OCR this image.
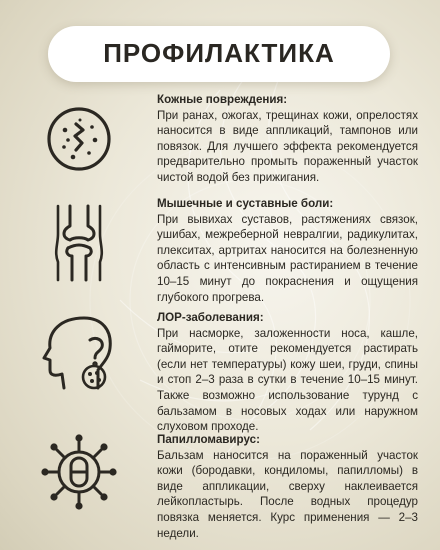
ПРОФИЛАКТИКА
Кожные повреждения:
При ранах, ожогах, трещинах кожи, опрелостях наносится в виде аппликаций, тампонов или повязок. Для лучшего эффекта рекомендуется предварительно промыть пораженный участок чистой водой без прижигания.
Мышечные и суставные боли:
При вывихах суставов, растяжениях связок, ушибах, межреберной невралгии, радикулитах, плекситах, артритах наносится на болезненную область с интенсивным растиранием в течение 10–15 минут до покраснения и ощущения глубокого прогрева.
ЛОР-заболевания:
При насморке, заложенности носа, кашле, гайморите, отите рекомендуется растирать (если нет температуры) кожу шеи, груди, спины и стоп 2–3 раза в сутки в течение 10–15 минут. Также возможно использование турунд с бальзамом в носовых ходах или наружном слуховом проходе.
Папилломавирус:
Бальзам наносится на пораженный участок кожи (бородавки, кондиломы, папилломы) в виде аппликации, сверху наклеивается лейкопластырь. После водных процедур повязка меняется. Курс применения — 2–3 недели.
